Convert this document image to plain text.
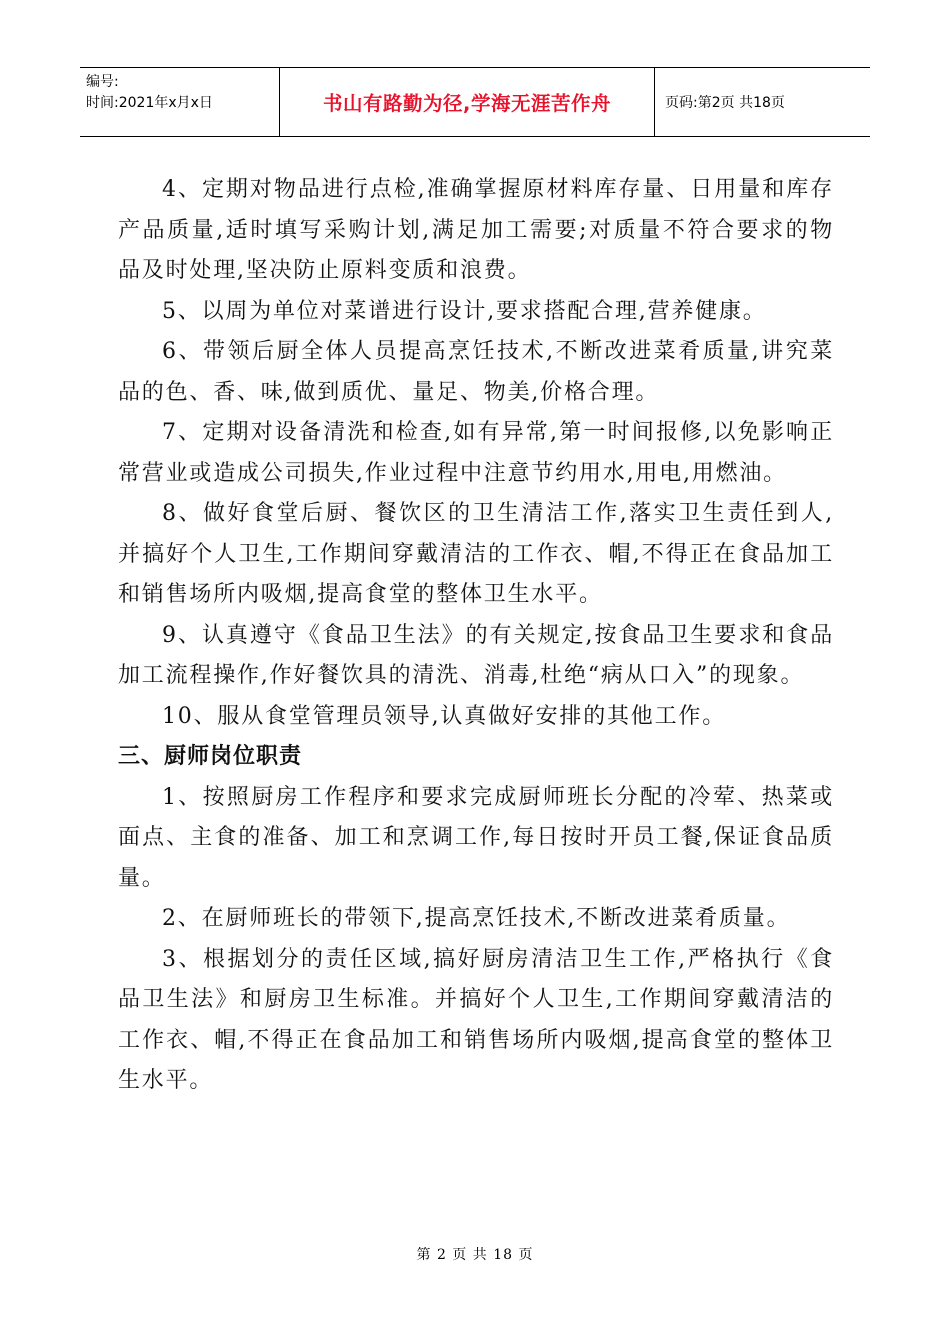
编号:
时间:2021年x月x日	书山有路勤为径,学海无涯苦作舟	页码:第2页 共18页

4、定期对物品进行点检,准确掌握原材料库存量、日用量和库存产品质量,适时填写采购计划,满足加工需要;对质量不符合要求的物品及时处理,坚决防止原料变质和浪费。

5、以周为单位对菜谱进行设计,要求搭配合理,营养健康。

6、带领后厨全体人员提高烹饪技术,不断改进菜肴质量,讲究菜品的色、香、味,做到质优、量足、物美,价格合理。

7、定期对设备清洗和检查,如有异常,第一时间报修,以免影响正常营业或造成公司损失,作业过程中注意节约用水,用电,用燃油。

8、做好食堂后厨、餐饮区的卫生清洁工作,落实卫生责任到人,并搞好个人卫生,工作期间穿戴清洁的工作衣、帽,不得正在食品加工和销售场所内吸烟,提高食堂的整体卫生水平。

9、认真遵守《食品卫生法》的有关规定,按食品卫生要求和食品加工流程操作,作好餐饮具的清洗、消毒,杜绝“病从口入”的现象。

10、服从食堂管理员领导,认真做好安排的其他工作。

三、厨师岗位职责

1、按照厨房工作程序和要求完成厨师班长分配的冷荤、热菜或面点、主食的准备、加工和烹调工作,每日按时开员工餐,保证食品质量。

2、在厨师班长的带领下,提高烹饪技术,不断改进菜肴质量。

3、根据划分的责任区域,搞好厨房清洁卫生工作,严格执行《食品卫生法》和厨房卫生标准。并搞好个人卫生,工作期间穿戴清洁的工作衣、帽,不得正在食品加工和销售场所内吸烟,提高食堂的整体卫生水平。

第 2 页 共 18 页
